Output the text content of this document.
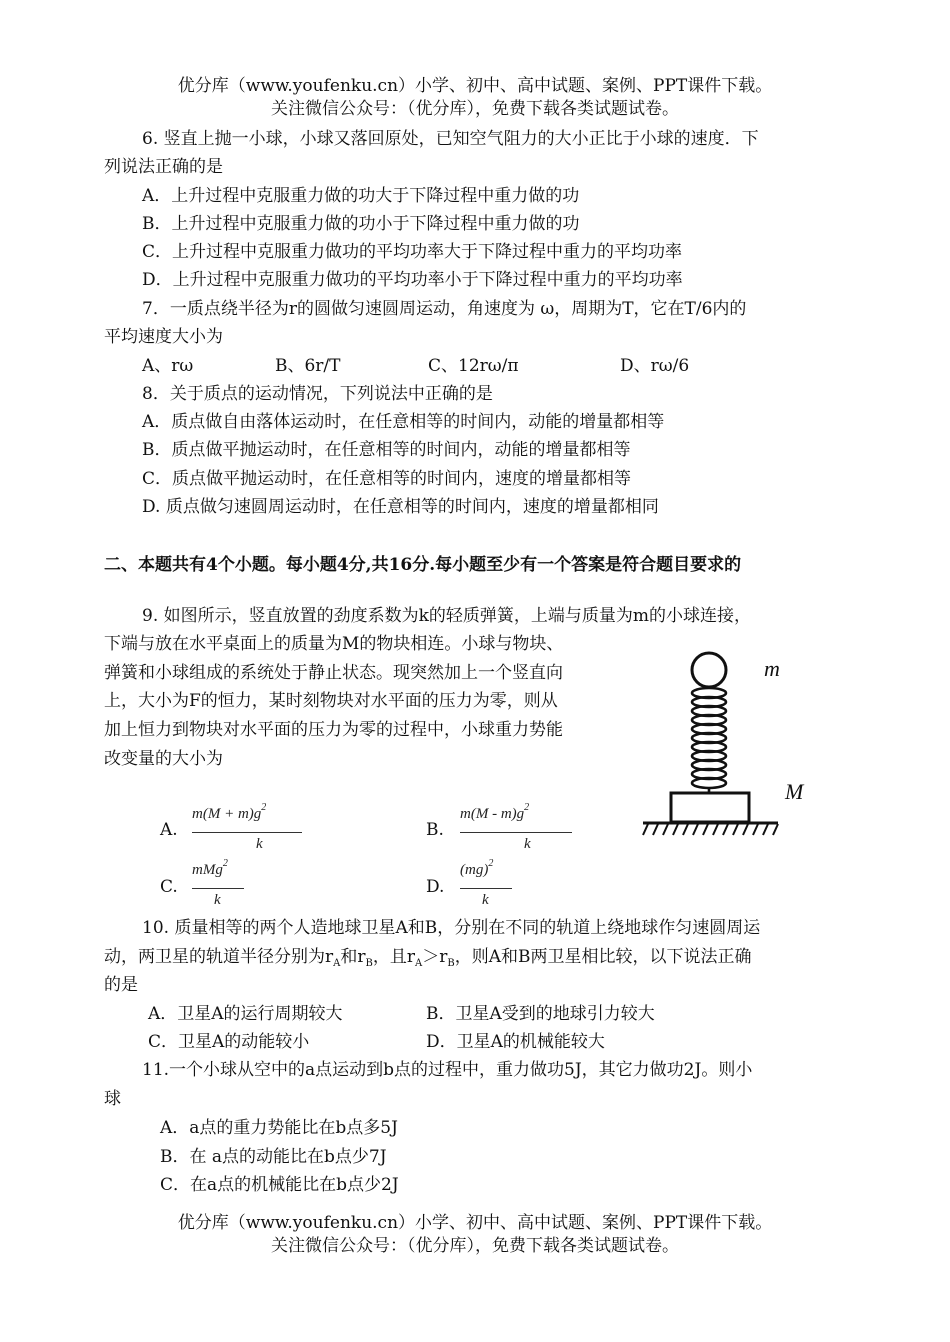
优分库（www.youfenku.cn）小学、初中、高中试题、案例、PPT课件下载。
关注微信公众号：（优分库），免费下载各类试题试卷。
6. 竖直上抛一小球，小球又落回原处，已知空气阻力的大小正比于小球的速度．下
列说法正确的是
A．上升过程中克服重力做的功大于下降过程中重力做的功
B．上升过程中克服重力做的功小于下降过程中重力做的功
C．上升过程中克服重力做功的平均功率大于下降过程中重力的平均功率
D．上升过程中克服重力做功的平均功率小于下降过程中重力的平均功率
7．一质点绕半径为r的圆做匀速圆周运动，角速度为 ω，周期为T，它在T/6内的
平均速度大小为
A、rω	B、6r/T	C、12rω/π	D、rω/6
8．关于质点的运动情况，下列说法中正确的是
A．质点做自由落体运动时，在任意相等的时间内，动能的增量都相等
B．质点做平抛运动时，在任意相等的时间内，动能的增量都相等
C．质点做平抛运动时，在任意相等的时间内，速度的增量都相等
D. 质点做匀速圆周运动时，在任意相等的时间内，速度的增量都相同
二、本题共有4个小题。每小题4分,共16分.每小题至少有一个答案是符合题目要求的
9. 如图所示，竖直放置的劲度系数为k的轻质弹簧，上端与质量为m的小球连接，
下端与放在水平桌面上的质量为M的物块相连。小球与物块、
弹簧和小球组成的系统处于静止状态。现突然加上一个竖直向
上，大小为F的恒力，某时刻物块对水平面的压力为零，则从
加上恒力到物块对水平面的压力为零的过程中，小球重力势能
改变量的大小为
m
M
A.
$m(M + m)g^2$
k
B.
$m(M - m)g^2$
k
C.
mMg$^2$
k
D.
(mg)$^2$
k
10. 质量相等的两个人造地球卫星A和B，分别在不同的轨道上绕地球作匀速圆周运
动，两卫星的轨道半径分别为$r_A$和$r_B$，且$r_A>r_B$，则A和B两卫星相比较，以下说法正确
的是
A．卫星A的运行周期较大	B．卫星A受到的地球引力较大
C．卫星A的动能较小	D．卫星A的机械能较大
11.一个小球从空中的a点运动到b点的过程中，重力做功5J，其它力做功2J。则小
球
A．a点的重力势能比在b点多5J
B．在 a点的动能比在b点少7J
C．在a点的机械能比在b点少2J
优分库（www.youfenku.cn）小学、初中、高中试题、案例、PPT课件下载。
关注微信公众号：（优分库），免费下载各类试题试卷。
